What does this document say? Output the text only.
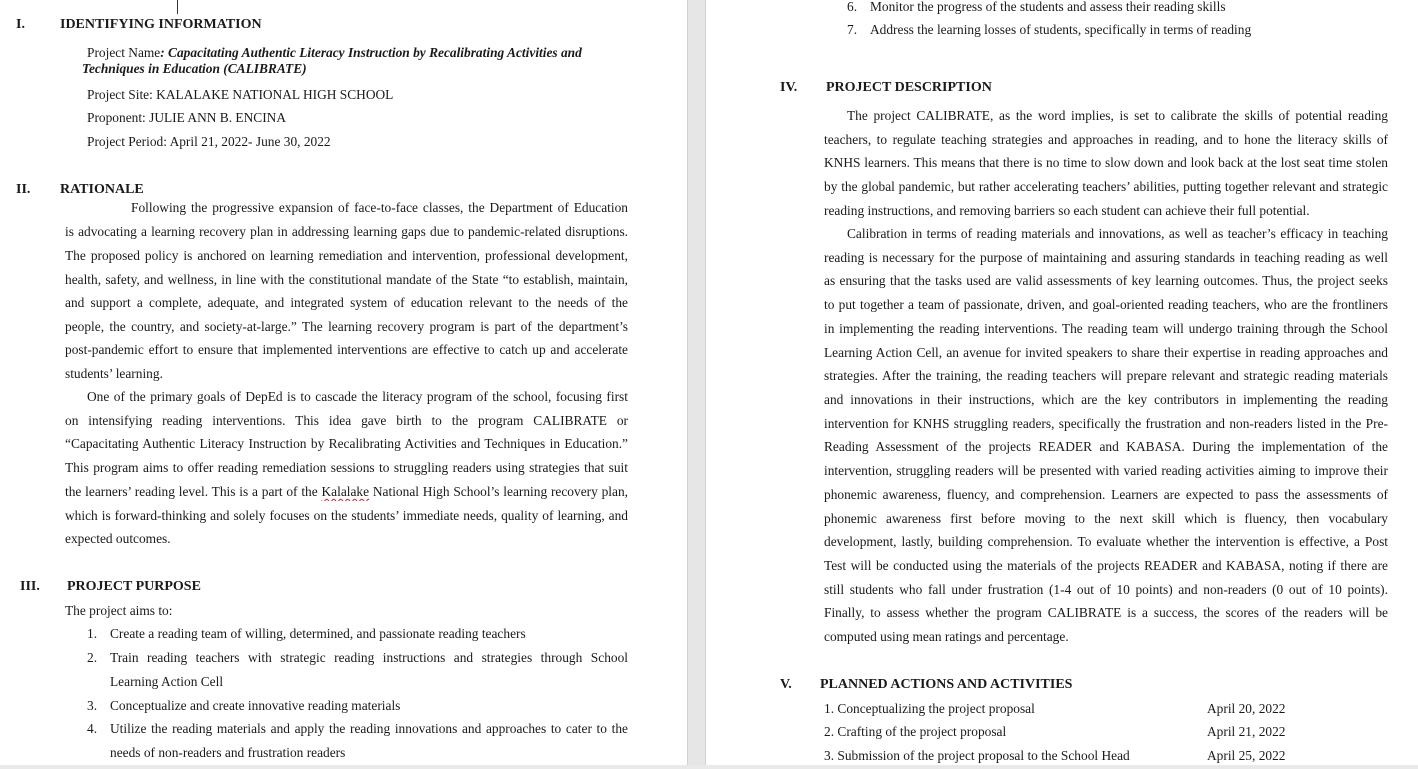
I.	IDENTIFYING INFORMATION
Project Name: Capacitating Authentic Literacy Instruction by Recalibrating Activities and
Techniques in Education (CALIBRATE)
Project Site: KALALAKE NATIONAL HIGH SCHOOL
Proponent: JULIE ANN B. ENCINA
Project Period: April 21, 2022- June 30, 2022
II. RATIONALE
Following the progressive expansion of face-to-face classes, the Department of Education
is advocating a learning recovery plan in addressing learning gaps due to pandemic-related disruptions.
The proposed policy is anchored on learning remediation and intervention, professional development,
health, safety, and wellness, in line with the constitutional mandate of the State “to establish, maintain,
and support a complete, adequate, and integrated system of education relevant to the needs of the
people, the country, and society-at-large.” The learning recovery program is part of the department’s
post-pandemic effort to ensure that implemented interventions are effective to catch up and accelerate
students’ learning.
One of the primary goals of DepEd is to cascade the literacy program of the school, focusing first
on intensifying reading interventions. This idea gave birth to the program CALIBRATE or
“Capacitating Authentic Literacy Instruction by Recalibrating Activities and Techniques in Education.”
This program aims to offer reading remediation sessions to struggling readers using strategies that suit
the learners’ reading level. This is a part of the Kalalake National High School’s learning recovery plan,
which is forward-thinking and solely focuses on the students’ immediate needs, quality of learning, and
expected outcomes.
III. PROJECT PURPOSE
The project aims to:
1. Create a reading team of willing, determined, and passionate reading teachers
2. Train reading teachers with strategic reading instructions and strategies through School
Learning Action Cell
3. Conceptualize and create innovative reading materials
4. Utilize the reading materials and apply the reading innovations and approaches to cater to the
needs of non-readers and frustration readers
6. Monitor the progress of the students and assess their reading skills
7. Address the learning losses of students, specifically in terms of reading
IV. PROJECT DESCRIPTION
The project CALIBRATE, as the word implies, is set to calibrate the skills of potential reading
teachers, to regulate teaching strategies and approaches in reading, and to hone the literacy skills of
KNHS learners. This means that there is no time to slow down and look back at the lost seat time stolen
by the global pandemic, but rather accelerating teachers’ abilities, putting together relevant and strategic
reading instructions, and removing barriers so each student can achieve their full potential.
Calibration in terms of reading materials and innovations, as well as teacher’s efficacy in teaching
reading is necessary for the purpose of maintaining and assuring standards in teaching reading as well
as ensuring that the tasks used are valid assessments of key learning outcomes. Thus, the project seeks
to put together a team of passionate, driven, and goal-oriented reading teachers, who are the frontliners
in implementing the reading interventions. The reading team will undergo training through the School
Learning Action Cell, an avenue for invited speakers to share their expertise in reading approaches and
strategies. After the training, the reading teachers will prepare relevant and strategic reading materials
and innovations in their instructions, which are the key contributors in implementing the reading
intervention for KNHS struggling readers, specifically the frustration and non-readers listed in the Pre-
Reading Assessment of the projects READER and KABASA. During the implementation of the
intervention, struggling readers will be presented with varied reading activities aiming to improve their
phonemic awareness, fluency, and comprehension. Learners are expected to pass the assessments of
phonemic awareness first before moving to the next skill which is fluency, then vocabulary
development, lastly, building comprehension. To evaluate whether the intervention is effective, a Post
Test will be conducted using the materials of the projects READER and KABASA, noting if there are
still students who fall under frustration (1-4 out of 10 points) and non-readers (0 out of 10 points).
Finally, to assess whether the program CALIBRATE is a success, the scores of the readers will be
computed using mean ratings and percentage.
V. PLANNED ACTIONS AND ACTIVITIES
1. Conceptualizing the project proposal	April 20, 2022
2. Crafting of the project proposal	April 21, 2022
3. Submission of the project proposal to the School Head	April 25, 2022
